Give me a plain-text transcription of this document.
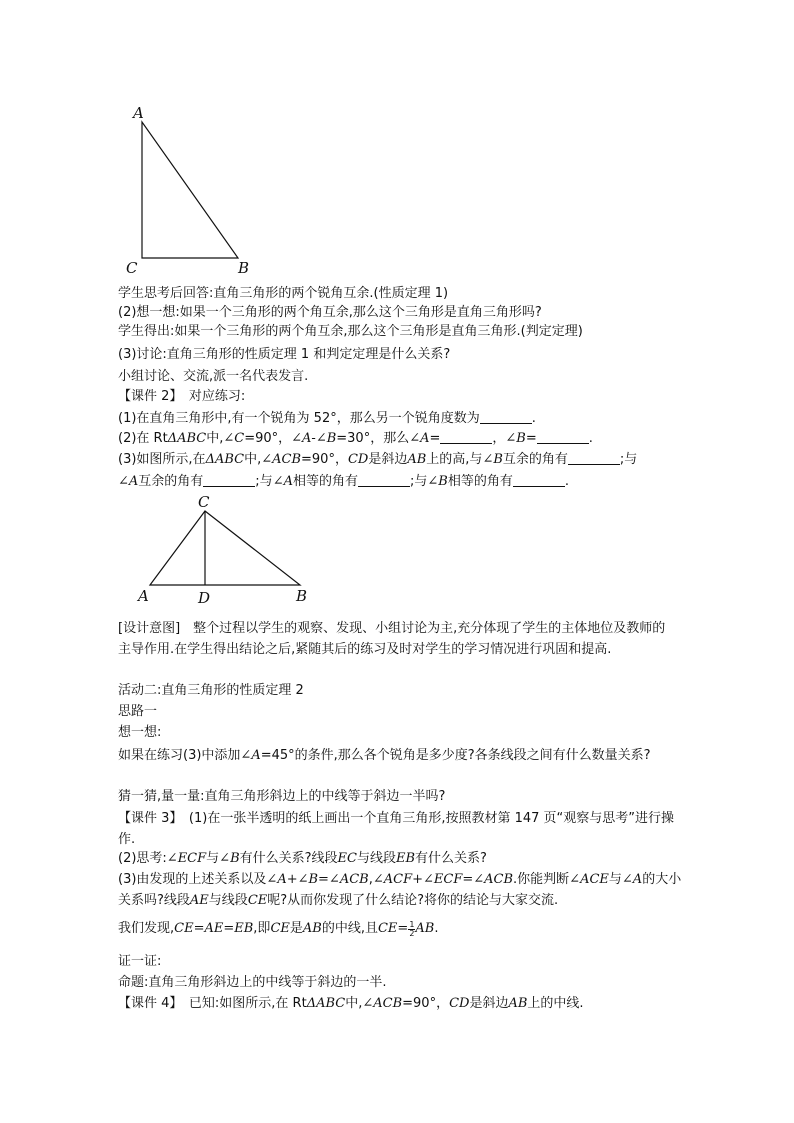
A
C	B
学生思考后回答:直角三角形的两个锐角互余.(性质定理 1)
(2)想一想:如果一个三角形的两个角互余,那么这个三角形是直角三角形吗?
学生得出:如果一个三角形的两个角互余,那么这个三角形是直角三角形.(判定定理)
(3)讨论:直角三角形的性质定理 1 和判定定理是什么关系?
小组讨论、交流,派一名代表发言.
【课件 2】　对应练习:
(1)在直角三角形中,有一个锐角为 52°，那么另一个锐角度数为	.
(2)在 RtΔABC中,∠C=90°，∠A-∠B=30°，那么∠A=	，∠B=	.
(3)如图所示,在ΔABC中,∠ACB=90°，CD是斜边AB上的高,与∠B互余的角有	;与
∠A互余的角有	;与∠A相等的角有	;与∠B相等的角有	.
C
A	D	B
[设计意图]　整个过程以学生的观察、发现、小组讨论为主,充分体现了学生的主体地位及教师的主导作用.在学生得出结论之后,紧随其后的练习及时对学生的学习情况进行巩固和提高.
活动二:直角三角形的性质定理 2
思路一
想一想:
如果在练习(3)中添加∠A=45°的条件,那么各个锐角是多少度?各条线段之间有什么数量关系?
猜一猜,量一量:直角三角形斜边上的中线等于斜边一半吗?
【课件 3】　(1)在一张半透明的纸上画出一个直角三角形,按照教材第 147 页“观察与思考”进行操作.
(2)思考:∠ECF与∠B有什么关系?线段EC与线段EB有什么关系?
(3)由发现的上述关系以及∠A+∠B=∠ACB,∠ACF+∠ECF=∠ACB.你能判断∠ACE与∠A的大小
关系吗?线段AE与线段CE呢?从而你发现了什么结论?将你的结论与大家交流.
我们发现,CE=AE=EB,即CE是AB的中线,且$CE= \frac{1}{2}$ AB.
证一证:
命题:直角三角形斜边上的中线等于斜边的一半.
【课件 4】　已知:如图所示,在 RtΔABC中,∠ACB=90°，CD是斜边AB上的中线.
